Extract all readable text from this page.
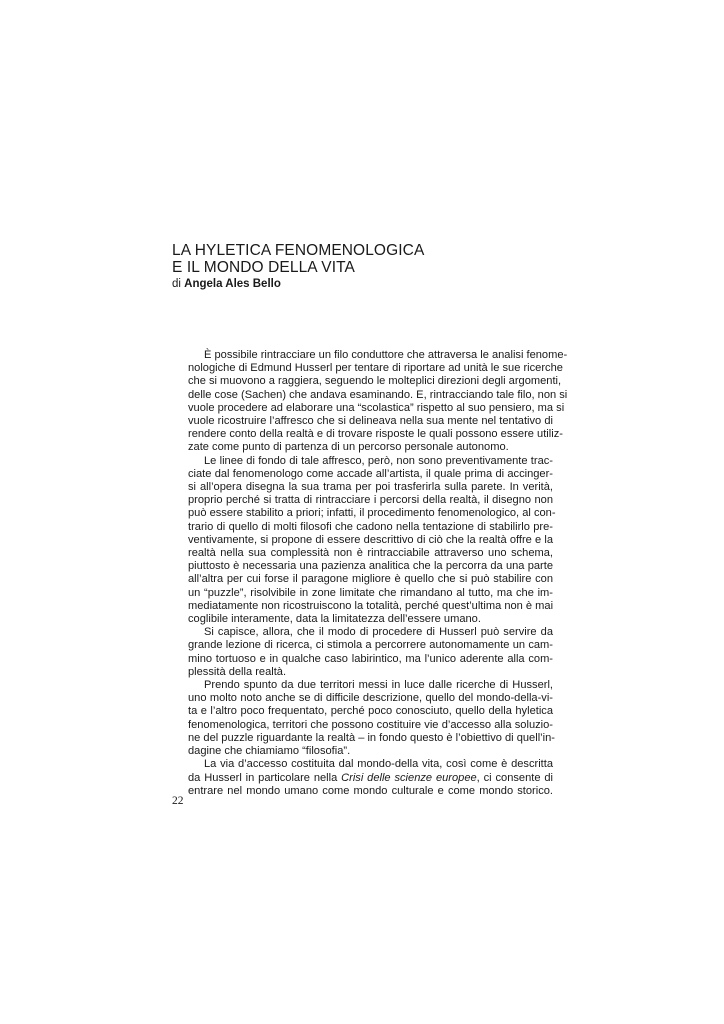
LA HYLETICA FENOMENOLOGICA

E IL MONDO DELLA VITA

di Angela Ales Bello

È possibile rintracciare un filo conduttore che attraversa le analisi fenome-
nologiche di Edmund Husserl per tentare di riportare ad unità le sue ricerche
che si muovono a raggiera, seguendo le molteplici direzioni degli argomenti,
delle cose (Sachen) che andava esaminando. E, rintracciando tale filo, non si
vuole procedere ad elaborare una “scolastica” rispetto al suo pensiero, ma si
vuole ricostruire l’affresco che si delineava nella sua mente nel tentativo di
rendere conto della realtà e di trovare risposte le quali possono essere utiliz-
zate come punto di partenza di un percorso personale autonomo.
Le linee di fondo di tale affresco, però, non sono preventivamente trac-
ciate dal fenomenologo come accade all’artista, il quale prima di accinger-
si all’opera disegna la sua trama per poi trasferirla sulla parete. In verità,
proprio perché si tratta di rintracciare i percorsi della realtà, il disegno non
può essere stabilito a priori; infatti, il procedimento fenomenologico, al con-
trario di quello di molti filosofi che cadono nella tentazione di stabilirlo pre-
ventivamente, si propone di essere descrittivo di ciò che la realtà offre e la
realtà nella sua complessità non è rintracciabile attraverso uno schema,
piuttosto è necessaria una pazienza analitica che la percorra da una parte
all’altra per cui forse il paragone migliore è quello che si può stabilire con
un “puzzle”, risolvibile in zone limitate che rimandano al tutto, ma che im-
mediatamente non ricostruiscono la totalità, perché quest’ultima non è mai
coglibile interamente, data la limitatezza dell’essere umano.
Si capisce, allora, che il modo di procedere di Husserl può servire da
grande lezione di ricerca, ci stimola a percorrere autonomamente un cam-
mino tortuoso e in qualche caso labirintico, ma l’unico aderente alla com-
plessità della realtà.
Prendo spunto da due territori messi in luce dalle ricerche di Husserl,
uno molto noto anche se di difficile descrizione, quello del mondo-della-vi-
ta e l’altro poco frequentato, perché poco conosciuto, quello della hyletica
fenomenologica, territori che possono costituire vie d’accesso alla soluzio-
ne del puzzle riguardante la realtà – in fondo questo è l’obiettivo di quell’in-
dagine che chiamiamo “filosofia”.
La via d’accesso costituita dal mondo-della vita, così come è descritta
da Husserl in particolare nella Crisi delle scienze europee, ci consente di
entrare nel mondo umano come mondo culturale e come mondo storico.
22
